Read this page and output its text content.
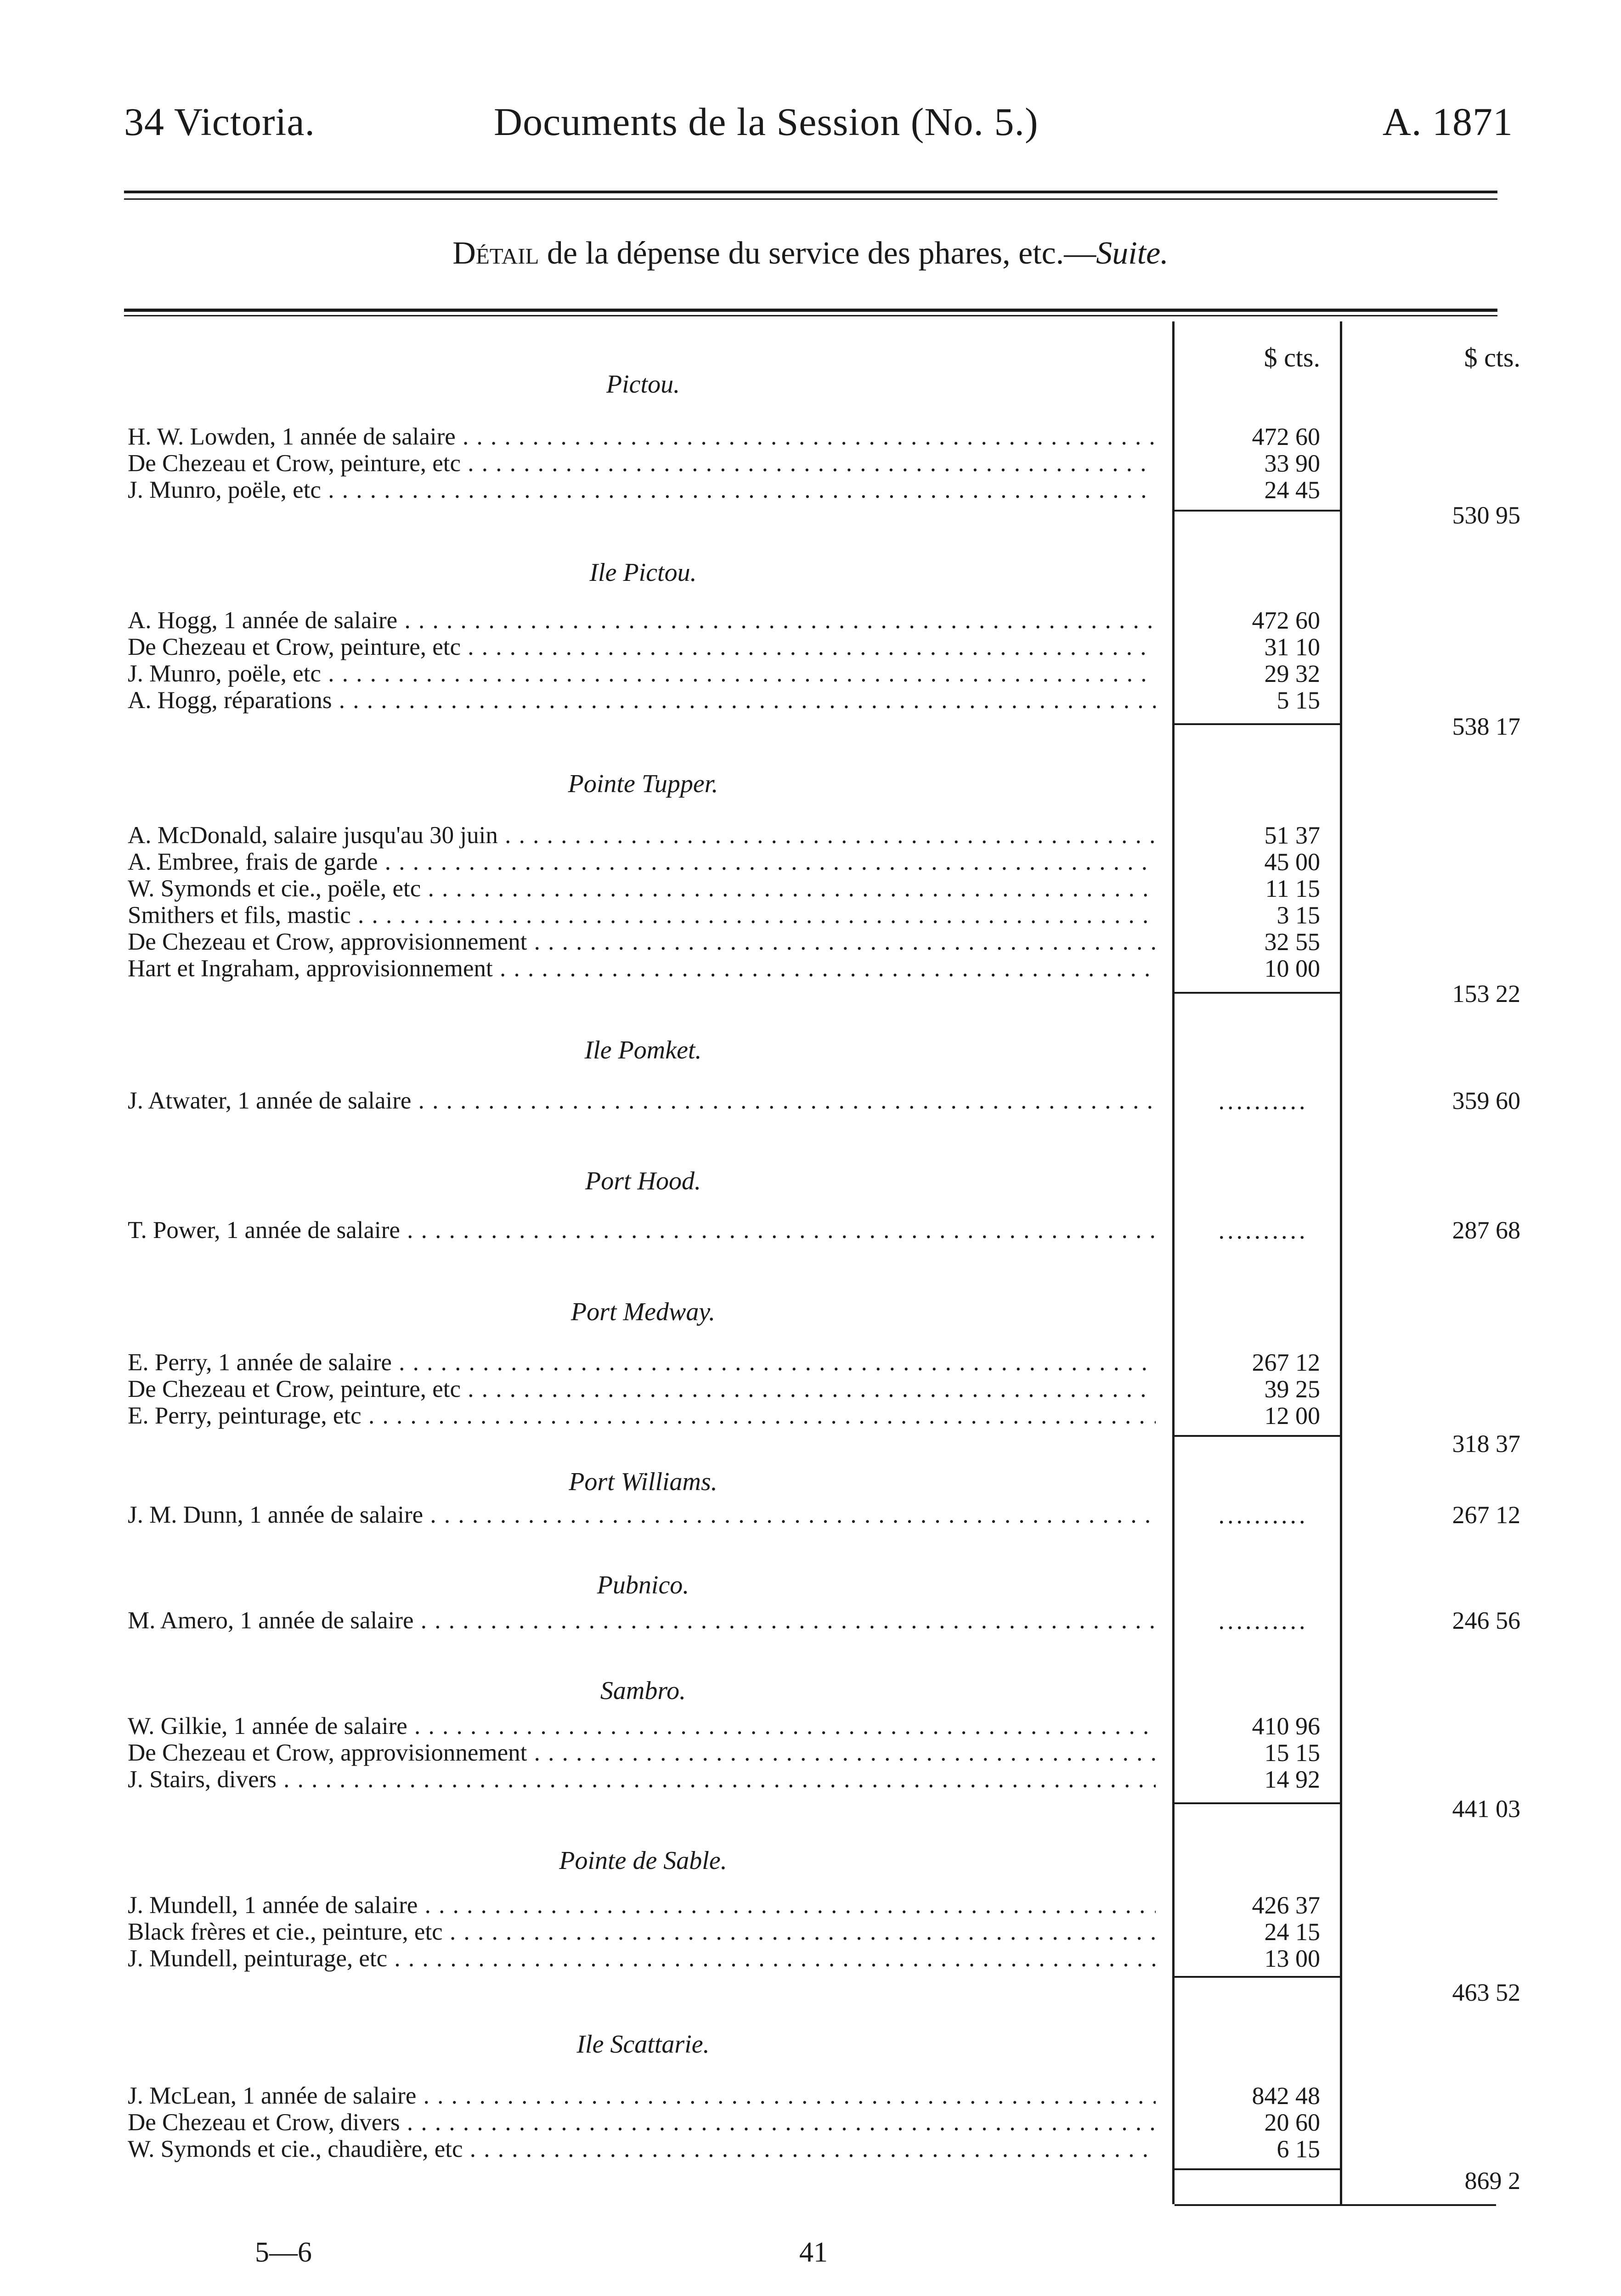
34 Victoria.	Documents de la Session (No. 5.)	A. 1871
Détail de la dépense du service des phares, etc.—Suite.
$ cts.	$ cts.
Pictou.
H. W. Lowden, 1 année de salaire . . .	472 60
De Chezeau et Crow, peinture, etc . . .	33 90
J. Munro, poële, etc . . .	24 45
530 95
Ile Pictou.
A. Hogg, 1 année de salaire . . .	472 60
De Chezeau et Crow, peinture, etc . . .	31 10
J. Munro, poële, etc . . .	29 32
A. Hogg, réparations . . .	5 15
538 17
Pointe Tupper.
A. McDonald, salaire jusqu'au 30 juin . . .	51 37
A. Embree, frais de garde . . .	45 00
W. Symonds et cie., poële, etc . . .	11 15
Smithers et fils, mastic . . .	3 15
De Chezeau et Crow, approvisionnement . . .	32 55
Hart et Ingraham, approvisionnement . . .	10 00
153 22
Ile Pomket.
J. Atwater, 1 année de salaire . . .	..........	359 60
Port Hood.
T. Power, 1 année de salaire . . .	..........	287 68
Port Medway.
E. Perry, 1 année de salaire . . .	267 12
De Chezeau et Crow, peinture, etc . . .	39 25
E. Perry, peinturage, etc . . .	12 00
318 37
Port Williams.
J. M. Dunn, 1 année de salaire . . .	..........	267 12
Pubnico.
M. Amero, 1 année de salaire . . .	..........	246 56
Sambro.
W. Gilkie, 1 année de salaire . . .	410 96
De Chezeau et Crow, approvisionnement . . .	15 15
J. Stairs, divers . . .	14 92
441 03
Pointe de Sable.
J. Mundell, 1 année de salaire . . .	426 37
Black frères et cie., peinture, etc . . .	24 15
J. Mundell, peinturage, etc . . .	13 00
463 52
Ile Scattarie.
J. McLean, 1 année de salaire . . .	842 48
De Chezeau et Crow, divers . . .	20 60
W. Symonds et cie., chaudière, etc . . .	6 15
869 2
5—6	41
